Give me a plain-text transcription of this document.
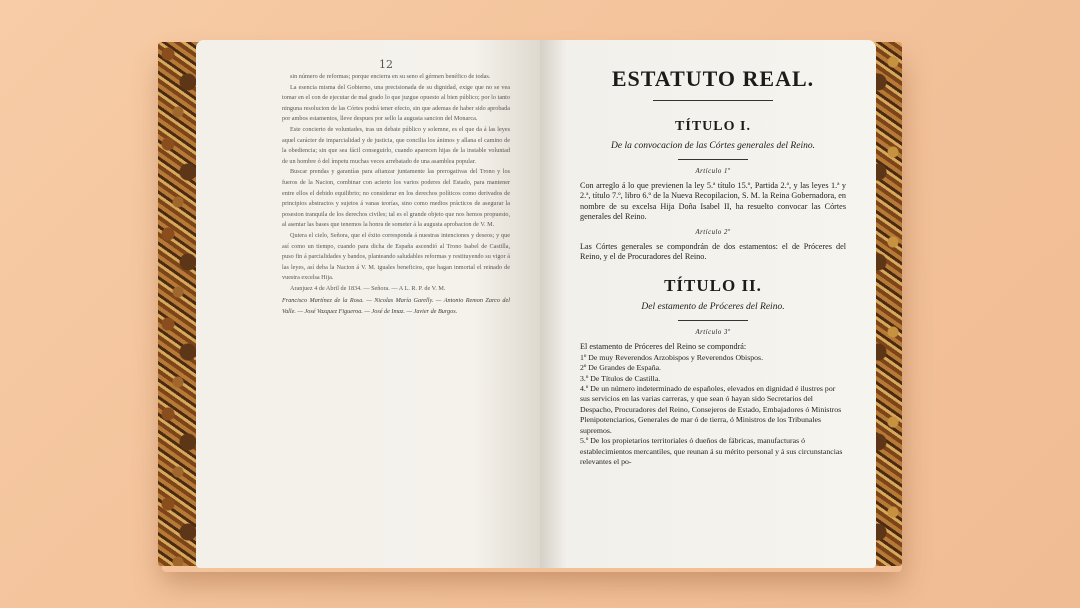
12

sin número de reformas; porque encierra en su seno el gérmen benéfico de todas.

La esencia misma del Gobierno, una precisionada de su dignidad, exige que no se vea tomar en el con de ejecutar de mal grado lo que juzgue opuesto al bien público; por lo tanto ninguna resolucion de las Córtes podrá tener efecto, sin que ademas de haber sido aprobada por ambos estamentos, lleve despues por sello la augusta sancion del Monarca.

Este concierto de voluntades, tras un debate público y solemne, es el que da á las leyes aquel carácter de imparcialidad y de justicia, que concilia los ánimos y allana el camino de la obediencia; sin que sea fácil conseguirlo, cuando aparecen hijas de la instable voluntad de un hombre ó del ímpetu muchas veces arrebatado de una asamblea popular.

Buscar prendas y garantías para afianzar juntamente las prerogativas del Trono y los fueros de la Nacion, combinar con acierto los varios poderes del Estado, para mantener entre ellos el debido equilibrio; no considerar en los derechos políticos como derivados de principios abstractos y sujetos á vanas teorías, sino como medios prácticos de asegurar la posesion tranquila de los derechos civiles; tal es el grande objeto que nos hemos propuesto, al asentar las bases que tenemos la honra de someter á la augusta aprobacion de V. M.

Quiera el cielo, Señora, que el éxito corresponda á nuestras intenciones y deseos; y que así como un tiempo, cuando para dicha de España ascendió al Trono Isabel de Castilla, puso fin á parcialidades y bandos, planteando saludables reformas y restituyendo su vigor á las leyes, así deba la Nacion á V. M. iguales beneficios, que hagan inmortal el reinado de vuestra excelsa Hija.

Aranjuez 4 de Abril de 1834. — Señora. — A L. R. P. de V. M.

Francisco Martínez de la Rosa. — Nicolas María Garelly. — Antonio Remon Zarco del Valle. — José Vazquez Figueroa. — José de Imaz. — Javier de Burgos.
ESTATUTO REAL.
TÍTULO I.
De la convocacion de las Córtes generales del Reino.
Artículo 1º

Con arreglo á lo que previenen la ley 5.ª título 15.º, Partida 2.ª, y las leyes 1.ª y 2.ª, título 7.º, libro 6.º de la Nueva Recopilacion, S. M. la Reina Gobernadora, en nombre de su excelsa Hija Doña Isabel II, ha resuelto convocar las Córtes generales del Reino.

Artículo 2º

Las Córtes generales se compondrán de dos estamentos: el de Próceres del Reino, y el de Procuradores del Reino.

TÍTULO II.
Del estamento de Próceres del Reino.
Artículo 3º

El estamento de Próceres del Reino se compondrá:

1º De muy Reverendos Arzobispos y Reverendos Obispos.
2º De Grandes de España.
3.º De Títulos de Castilla.
4.º De un número indeterminado de españoles, elevados en dignidad é ilustres por sus servicios en las varias carreras, y que sean ó hayan sido Secretarios del Despacho, Procuradores del Reino, Consejeros de Estado, Embajadores ó Ministros Plenipotenciarios, Generales de mar ó de tierra, ó Ministros de los Tribunales supremos.
5.º De los propietarios territoriales ó dueños de fábricas, manufacturas ó establecimientos mercantiles, que reunan á su mérito personal y á sus circunstancias relevantes el po-
